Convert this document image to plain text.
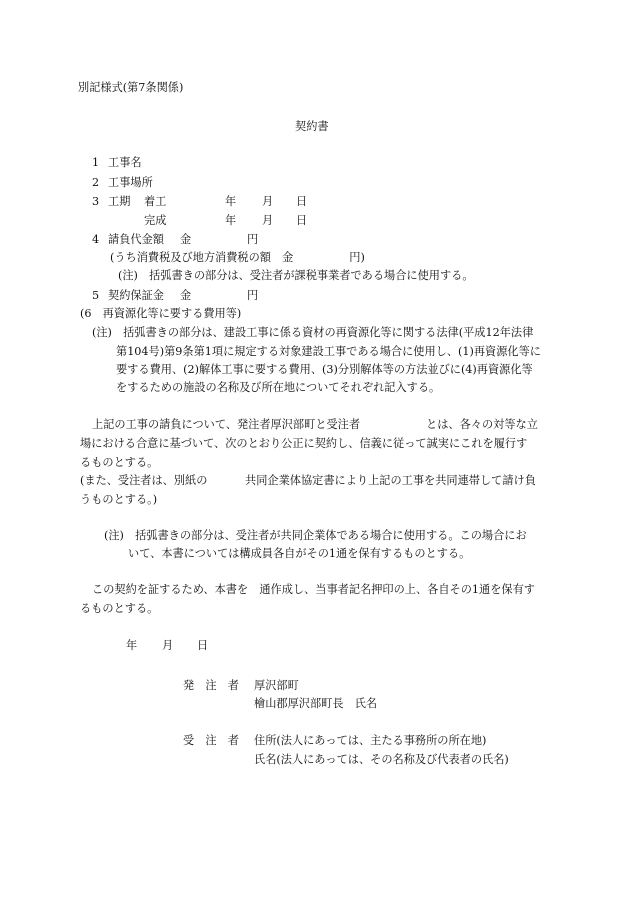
別記様式(第7条関係)
契約書
1 工事名
2 工事場所
3 工期 着工	年 月 日
完成	年 月 日
4 請負代金額 金	円
(うち消費税及び地方消費税の額　金　　　　　円)
(注)　括弧書きの部分は、受注者が課税事業者である場合に使用する。
5 契約保証金 金	円
(6　再資源化等に要する費用等)
(注)　括弧書きの部分は、建設工事に係る資材の再資源化等に関する法律(平成12年法律
第104号)第9条第1項に規定する対象建設工事である場合に使用し、(1)再資源化等に
要する費用、(2)解体工事に要する費用、(3)分別解体等の方法並びに(4)再資源化等
をするための施設の名称及び所在地についてそれぞれ記入する。
上記の工事の請負について、発注者厚沢部町と受注者	とは、各々の対等な立
場における合意に基づいて、次のとおり公正に契約し、信義に従って誠実にこれを履行す
るものとする。
(また、受注者は、別紙の	共同企業体協定書により上記の工事を共同連帯して請け負
うものとする。)
(注)　括弧書きの部分は、受注者が共同企業体である場合に使用する。この場合にお
いて、本書については構成員各自がその1通を保有するものとする。
この契約を証するため、本書を　通作成し、当事者記名押印の上、各自その1通を保有す
るものとする。
年 月 日
発　注　者 厚沢部町
檜山郡厚沢部町長　氏名
受　注　者 住所(法人にあっては、主たる事務所の所在地)
氏名(法人にあっては、その名称及び代表者の氏名)
